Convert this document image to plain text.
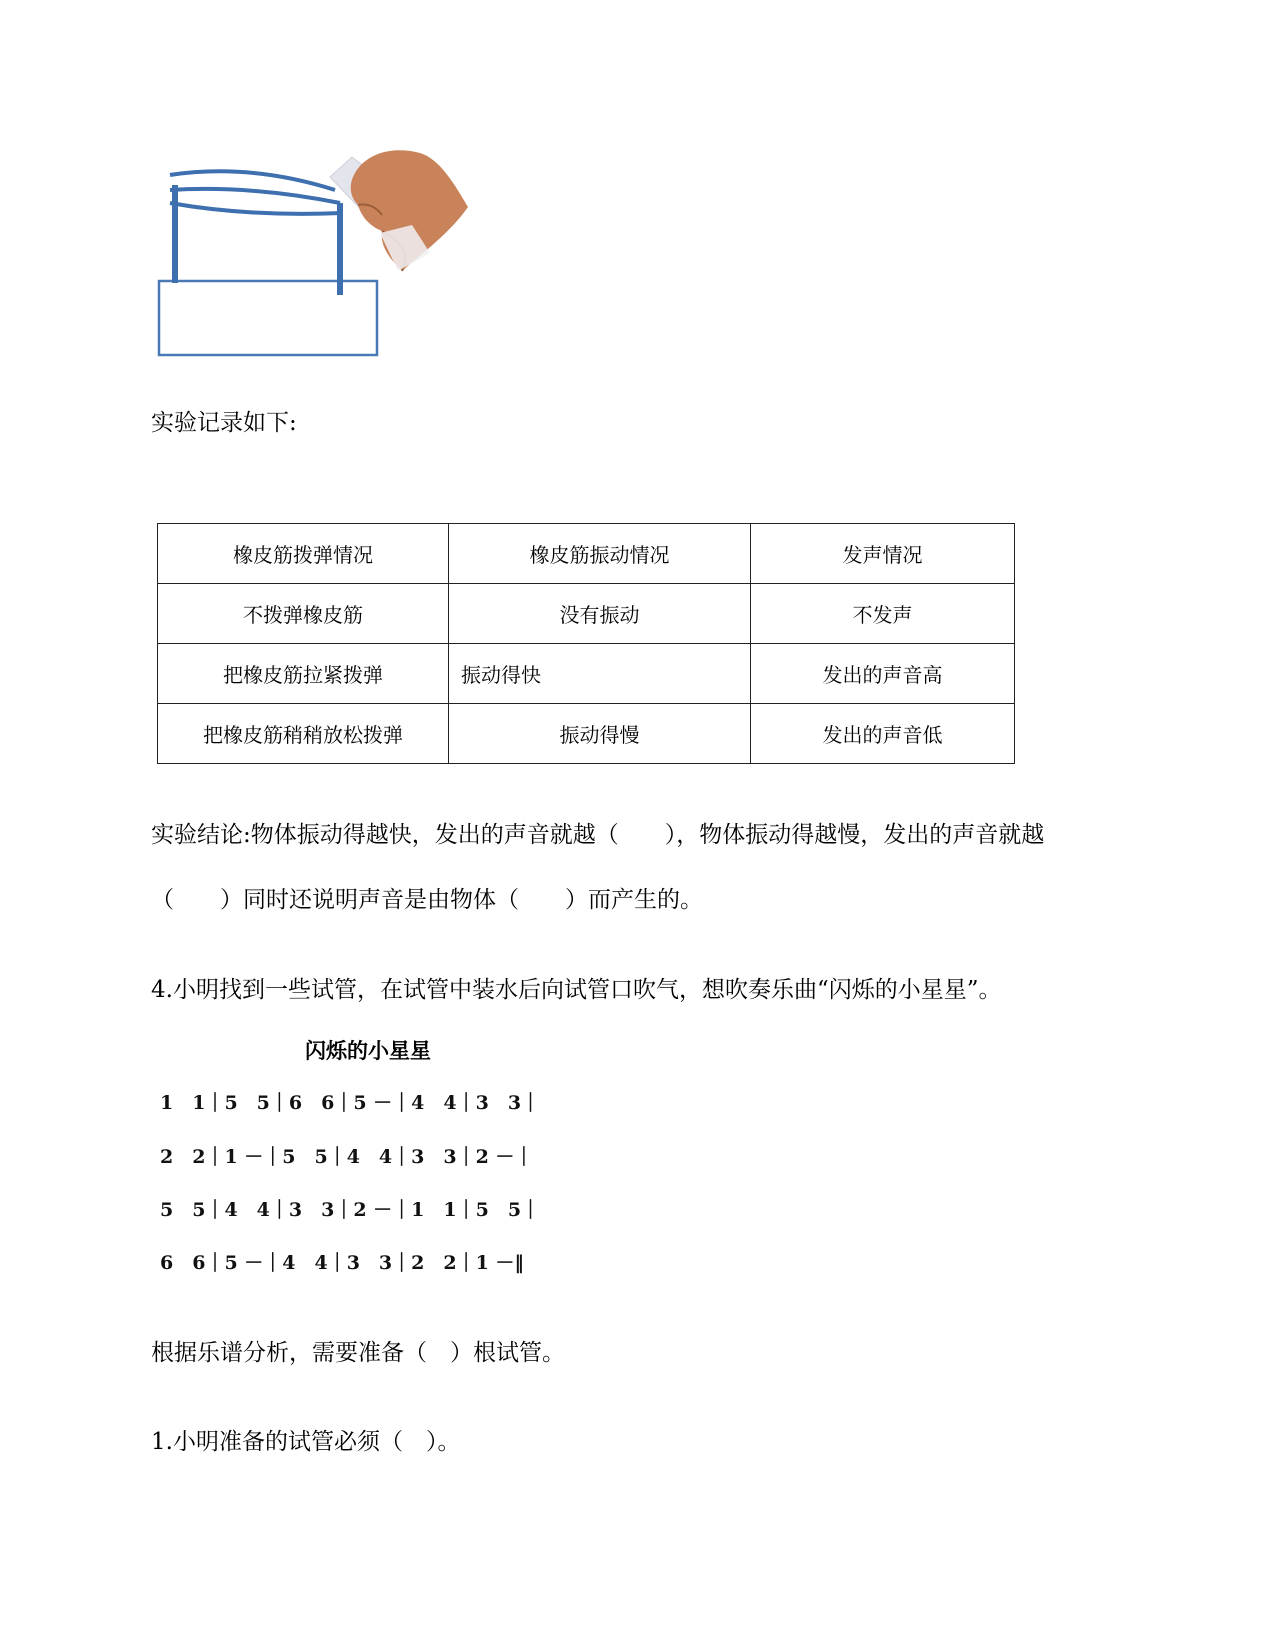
实验记录如下:
橡皮筋拨弹情况	橡皮筋振动情况	发声情况
不拨弹橡皮筋	没有振动	不发声
把橡皮筋拉紧拨弹	振动得快	发出的声音高
把橡皮筋稍稍放松拨弹	振动得慢	发出的声音低
实验结论:物体振动得越快，发出的声音就越（　　），物体振动得越慢，发出的声音就越
（　　）同时还说明声音是由物体（　　）而产生的。
4.小明找到一些试管，在试管中装水后向试管口吹气，想吹奏乐曲“闪烁的小星星”。
闪烁的小星星
1　1｜5　5｜6　6｜5 －｜4　4｜3　3｜
2　2｜1 －｜5　5｜4　4｜3　3｜2 －｜
5　5｜4　4｜3　3｜2 －｜1　1｜5　5｜
6　6｜5 －｜4　4｜3　3｜2　2｜1 －‖
根据乐谱分析，需要准备（　）根试管。
1.小明准备的试管必须（　）。
